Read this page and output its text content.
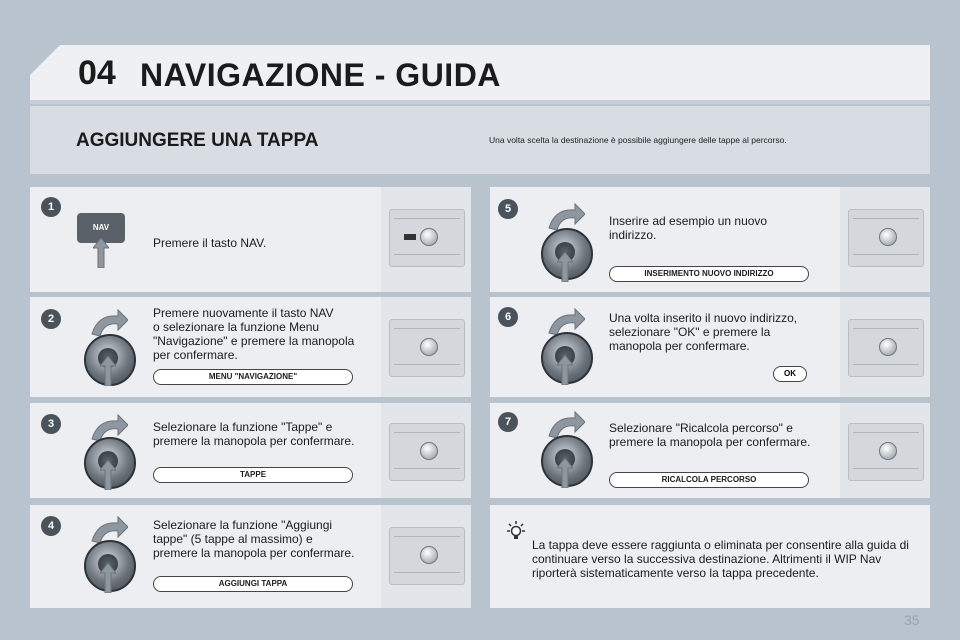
04 NAVIGAZIONE - GUIDA
AGGIUNGERE UNA TAPPA	Una volta scelta la destinazione è possibile aggiungere delle tappe al percorso.
1
NAV
Premere il tasto NAV.
2	Premere nuovamente il tasto NAV
o selezionare la funzione Menu
"Navigazione" e premere la manopola
per confermare.
MENU "NAVIGAZIONE"
3	Selezionare la funzione "Tappe" e
premere la manopola per confermare.
TAPPE
4	Selezionare la funzione "Aggiungi
tappe" (5 tappe al massimo) e
premere la manopola per confermare.
AGGIUNGI TAPPA
5
Inserire ad esempio un nuovo
indirizzo.
INSERIMENTO NUOVO INDIRIZZO
6	Una volta inserito il nuovo indirizzo,
selezionare "OK" e premere la
manopola per confermare.
OK
7	Selezionare "Ricalcola percorso" e
premere la manopola per confermare.
RICALCOLA PERCORSO
La tappa deve essere raggiunta o eliminata per consentire alla guida di continuare verso la successiva destinazione. Altrimenti il WIP Nav riporterà sistematicamente verso la tappa precedente.
35
